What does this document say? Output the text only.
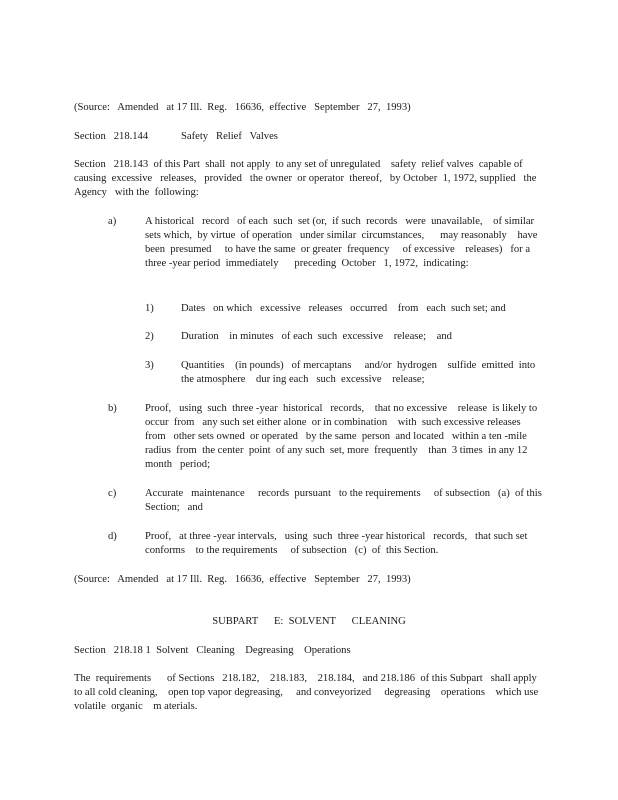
(Source:   Amended   at 17 Ill.  Reg.   16636,  effective   September   27,  1993)
Section   218.144	Safety   Relief   Valves
Section   218.143  of this Part  shall  not apply  to any set of unregulated    safety  relief valves  capable of causing  excessive   releases,   provided   the owner  or operator  thereof,   by October  1, 1972, supplied   the Agency   with the  following:
a)	A historical   record   of each  such  set (or,  if such  records   were  unavailable,    of similar  sets which,  by virtue  of operation   under similar  circumstances,      may reasonably    have  been  presumed     to have the same  or greater  frequency     of excessive    releases)   for a three -year period  immediately      preceding  October   1, 1972,  indicating:
1)	Dates   on which   excessive   releases   occurred    from   each  such set; and
2)	Duration    in minutes   of each  such  excessive    release;    and
3)	Quantities    (in pounds)   of mercaptans     and/or  hydrogen    sulfide  emitted  into the atmosphere    dur ing each   such  excessive    release;
b)	Proof,   using  such  three -year  historical   records,    that no excessive    release  is likely to occur  from   any such set either alone  or in combination    with  such excessive releases   from   other sets owned  or operated   by the same  person  and located   within a ten -mile radius  from  the center  point  of any such  set, more  frequently    than  3 times  in any 12 month   period;
c)	Accurate   maintenance     records  pursuant   to the requirements     of subsection   (a)  of this Section;   and
d)	Proof,   at three -year intervals,   using  such  three -year historical   records,   that such set conforms    to the requirements     of subsection   (c)  of  this Section.
(Source:   Amended   at 17 Ill.  Reg.   16636,  effective   September   27,  1993)
SUBPART      E:  SOLVENT      CLEANING
Section   218.18 1  Solvent   Cleaning    Degreasing    Operations
The  requirements      of Sections   218.182,    218.183,    218.184,   and 218.186  of this Subpart   shall apply to all cold cleaning,    open top vapor degreasing,     and conveyorized     degreasing    operations    which use volatile  organic    m aterials.
